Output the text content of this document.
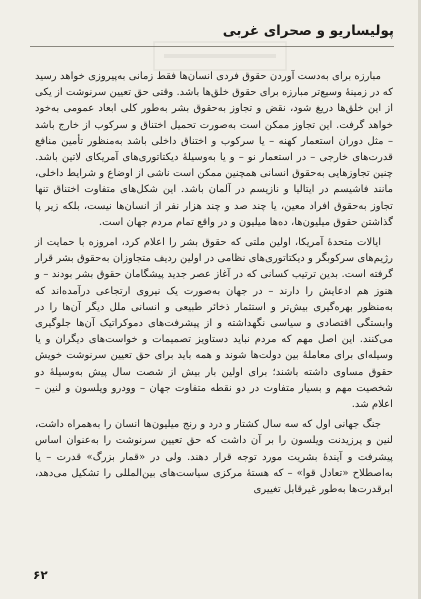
پولیساریو و صحرای غربی

مبارزه برای به‌دست آوردن حقوق فردی انسان‌ها فقط زمانی به‌پیروزی خواهد رسید که در زمینهٔ وسیع‌تر مبارزه برای حقوق خلق‌ها باشد. وقتی حق تعیین سرنوشت از یکی از این خلق‌ها دریغ شود، نقض و تجاوز به‌حقوق بشر به‌طور کلی ابعاد عمومی به‌خود خواهد گرفت. این تجاوز ممکن است به‌صورت تحمیل اختناق و سرکوب از خارج باشد – مثل دوران استعمار کهنه – یا سرکوب و اختناق داخلی باشد به‌منظور تأمین منافع قدرت‌های خارجی – در استعمار نو – و یا به‌وسیلهٔ دیکتاتوری‌های آمریکای لاتین باشد. چنین تجاوزهایی به‌حقوق انسانی همچنین ممکن است ناشی از اوضاع و شرایط داخلی، مانند فاشیسم در ایتالیا و نازیسم در آلمان باشد. این شکل‌های متفاوت اختناق تنها تجاوز به‌حقوق افراد معین، یا چند صد و چند هزار نفر از انسان‌ها نیست، بلکه زیر پا گذاشتن حقوق میلیون‌ها، ده‌ها میلیون و در واقع تمام مردم جهان است.

ایالات متحدهٔ آمریکا، اولین ملتی که حقوق بشر را اعلام کرد، امروزه با حمایت از رژیم‌های سرکوبگر و دیکتاتوری‌های نظامی در اولین ردیف متجاوزان به‌حقوق بشر قرار گرفته است. بدین ترتیب کسانی که در آغاز عصر جدید پیشگامان حقوق بشر بودند – و هنوز هم ادعایش را دارند – در جهان به‌صورت یک نیروی ارتجاعی درآمده‌اند که به‌منظور بهره‌گیری بیش‌تر و استثمار ذخائر طبیعی و انسانی ملل دیگر آن‌ها را در وابستگی اقتصادی و سیاسی نگهداشته و از پیشرفت‌های دموکراتیک آن‌ها جلوگیری می‌کنند. این اصل مهم که مردم نباید دستاویز تصمیمات و خواست‌های دیگران و یا وسیله‌ای برای معاملهٔ بین دولت‌ها شوند و همه باید برای حق تعیین سرنوشت خویش حقوق مساوی داشته باشند؛ برای اولین بار بیش از شصت سال پیش به‌وسیلهٔ دو شخصیت مهم و بسیار متفاوت در دو نقطه متفاوت جهان – وودرو ویلسون و لنین – اعلام شد.

جنگ جهانی اول که سه سال کشتار و درد و رنج میلیون‌ها انسان را به‌همراه داشت، لنین و پرزیدنت ویلسون را بر آن داشت که حق تعیین سرنوشت را به‌عنوان اساس پیشرفت و آیندهٔ بشریت مورد توجه قرار دهند. ولی در «قمار بزرگ» قدرت – یا به‌اصطلاح «تعادل قوا» – که هستهٔ مرکزی سیاست‌های بین‌المللی را تشکیل می‌دهد، ابرقدرت‌ها به‌طور غیرقابل تغییری

۶۲
